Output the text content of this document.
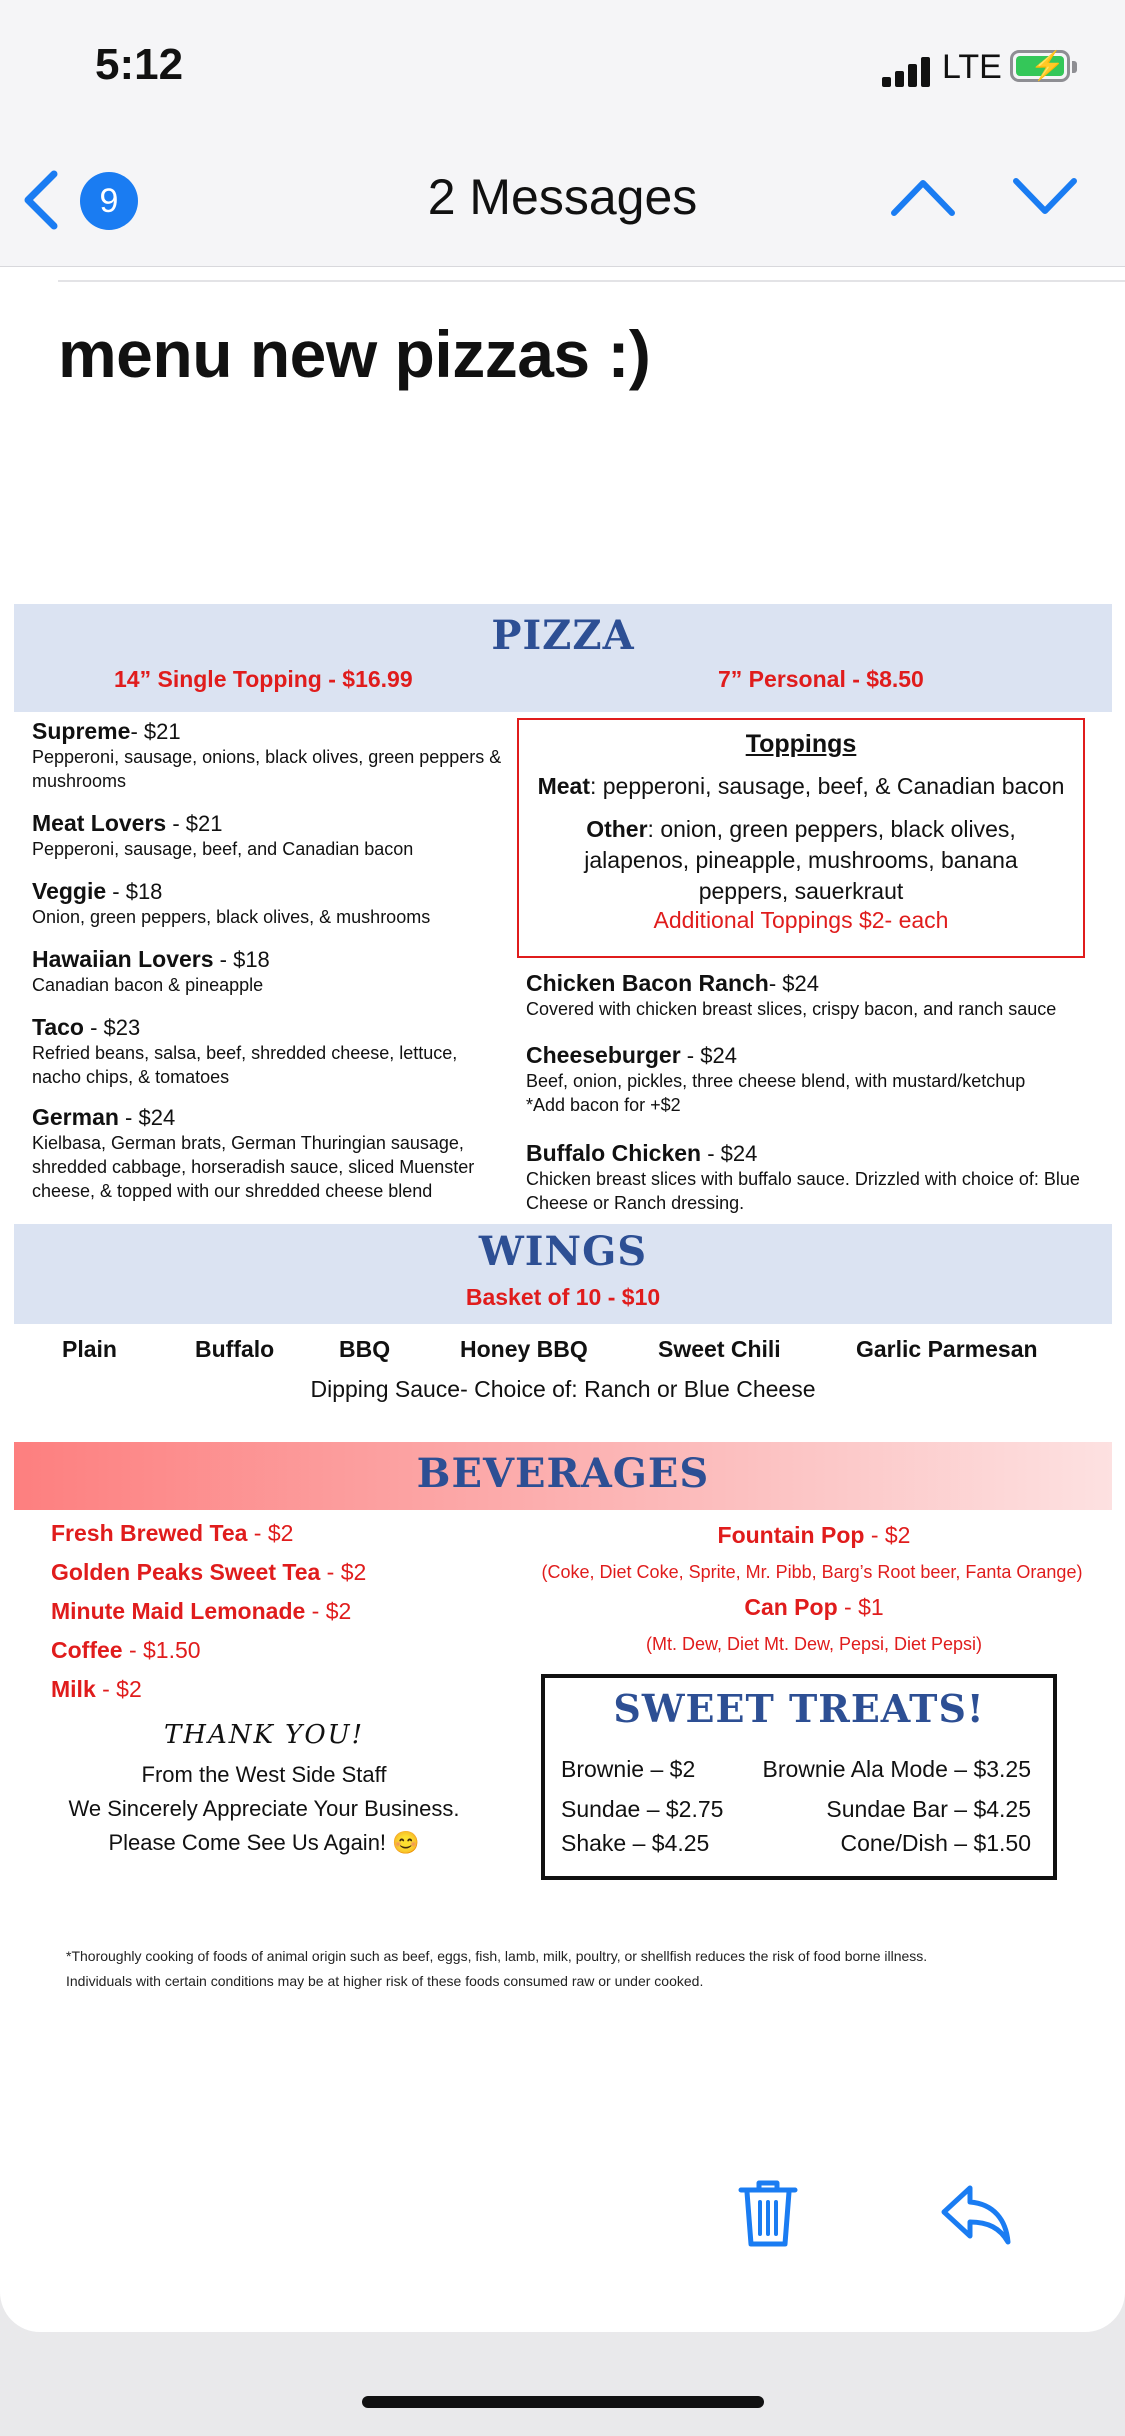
5:12	LTE ⚡
9	2 Messages
menu new pizzas :)
PIZZA
14” Single Topping - $16.99	7” Personal - $8.50
Supreme- $21
Pepperoni, sausage, onions, black olives, green peppers & mushrooms
Meat Lovers - $21
Pepperoni, sausage, beef, and Canadian bacon
Veggie - $18
Onion, green peppers, black olives, & mushrooms
Hawaiian Lovers - $18
Canadian bacon & pineapple
Taco - $23
Refried beans, salsa, beef, shredded cheese, lettuce, nacho chips, & tomatoes
German - $24
Kielbasa, German brats, German Thuringian sausage, shredded cabbage, horseradish sauce, sliced Muenster cheese, & topped with our shredded cheese blend
Toppings
Meat: pepperoni, sausage, beef, & Canadian bacon
Other: onion, green peppers, black olives, jalapenos, pineapple, mushrooms, banana peppers, sauerkraut
Additional Toppings $2- each
Chicken Bacon Ranch- $24
Covered with chicken breast slices, crispy bacon, and ranch sauce
Cheeseburger - $24
Beef, onion, pickles, three cheese blend, with mustard/ketchup
*Add bacon for +$2
Buffalo Chicken - $24
Chicken breast slices with buffalo sauce. Drizzled with choice of: Blue Cheese or Ranch dressing.
WINGS
Basket of 10 - $10
Plain	Buffalo	BBQ	Honey BBQ	Sweet Chili	Garlic Parmesan
Dipping Sauce- Choice of: Ranch or Blue Cheese
BEVERAGES
Fresh Brewed Tea - $2
Golden Peaks Sweet Tea - $2
Minute Maid Lemonade - $2
Coffee - $1.50
Milk - $2
Fountain Pop - $2
(Coke, Diet Coke, Sprite, Mr. Pibb, Barg’s Root beer, Fanta Orange)
Can Pop - $1
(Mt. Dew, Diet Mt. Dew, Pepsi, Diet Pepsi)
THANK YOU!
From the West Side Staff
We Sincerely Appreciate Your Business.
Please Come See Us Again! 😊
SWEET TREATS!
Brownie – $2	Brownie Ala Mode – $3.25
Sundae – $2.75	Sundae Bar – $4.25
Shake – $4.25	Cone/Dish – $1.50
*Thoroughly cooking of foods of animal origin such as beef, eggs, fish, lamb, milk, poultry, or shellfish reduces the risk of food borne illness.
Individuals with certain conditions may be at higher risk of these foods consumed raw or under cooked.
